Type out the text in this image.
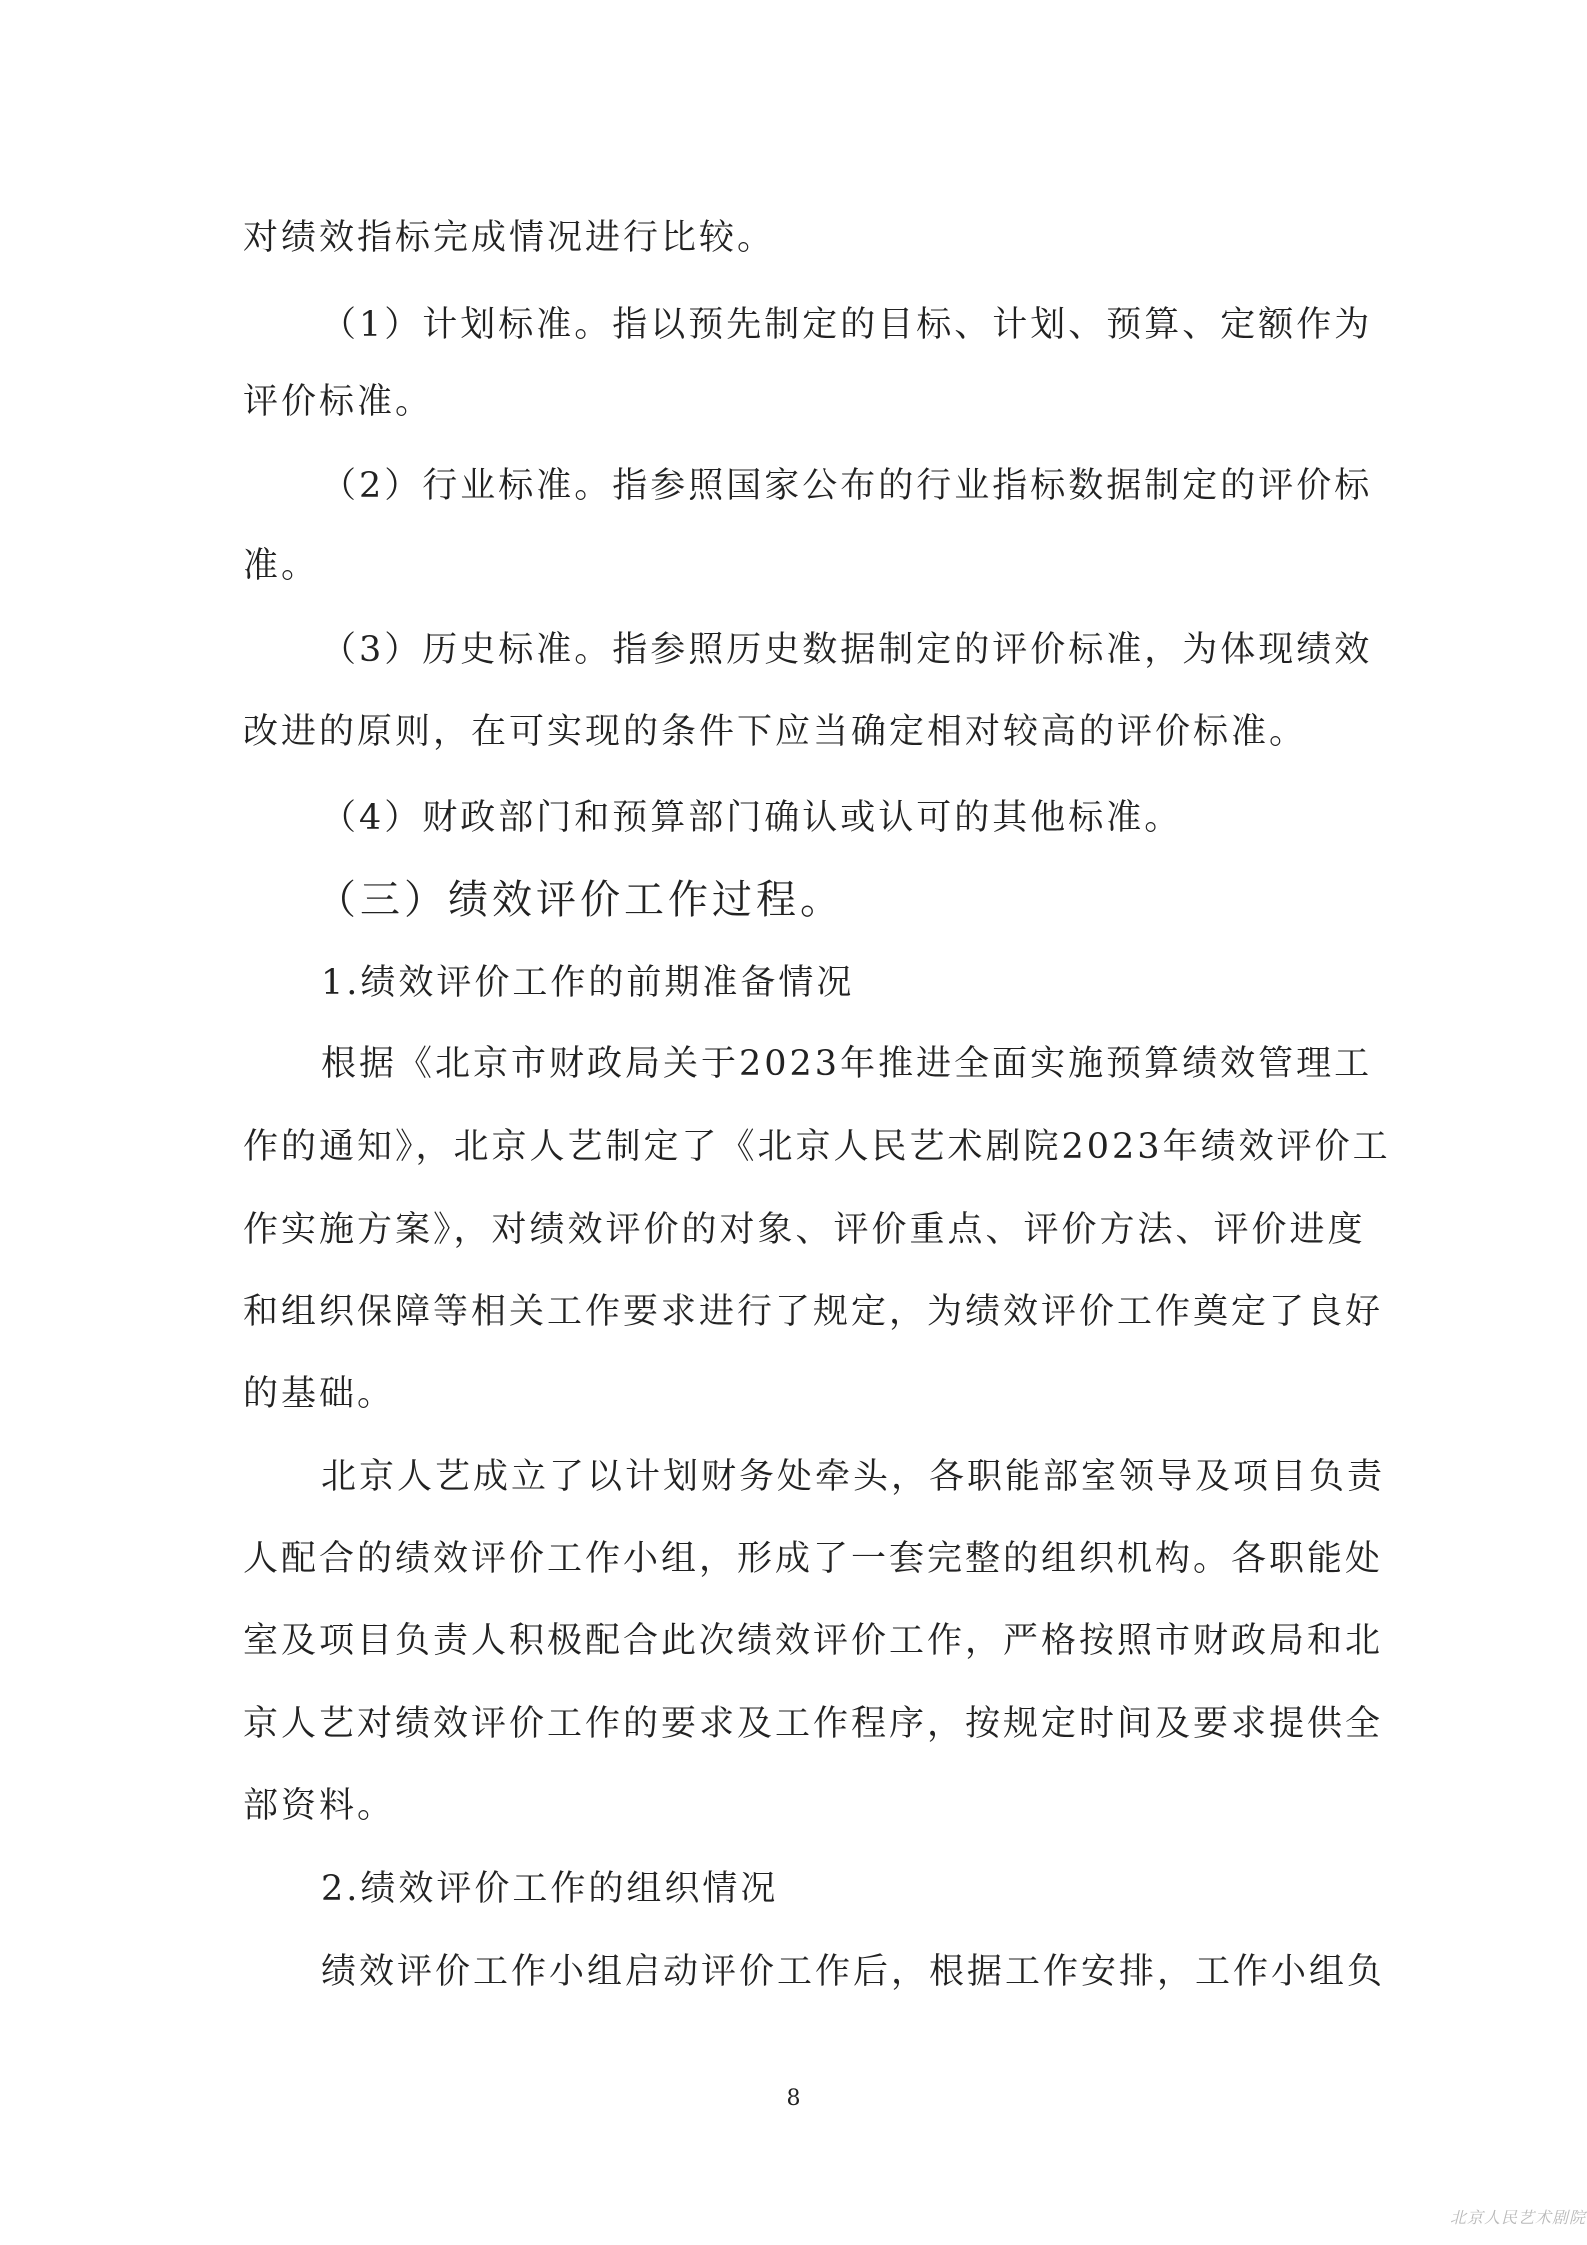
对绩效指标完成情况进行比较。
（1）计划标准。指以预先制定的目标、计划、预算、定额作为
评价标准。
（2）行业标准。指参照国家公布的行业指标数据制定的评价标
准。
（3）历史标准。指参照历史数据制定的评价标准，为体现绩效
改进的原则，在可实现的条件下应当确定相对较高的评价标准。
（4）财政部门和预算部门确认或认可的其他标准。
（三）绩效评价工作过程。
1.绩效评价工作的前期准备情况
根据《北京市财政局关于2023年推进全面实施预算绩效管理工
作的通知》，北京人艺制定了《北京人民艺术剧院2023年绩效评价工
作实施方案》，对绩效评价的对象、评价重点、评价方法、评价进度
和组织保障等相关工作要求进行了规定，为绩效评价工作奠定了良好
的基础。
北京人艺成立了以计划财务处牵头，各职能部室领导及项目负责
人配合的绩效评价工作小组，形成了一套完整的组织机构。各职能处
室及项目负责人积极配合此次绩效评价工作，严格按照市财政局和北
京人艺对绩效评价工作的要求及工作程序，按规定时间及要求提供全
部资料。
2.绩效评价工作的组织情况
绩效评价工作小组启动评价工作后，根据工作安排，工作小组负
8
北京人民艺术剧院
